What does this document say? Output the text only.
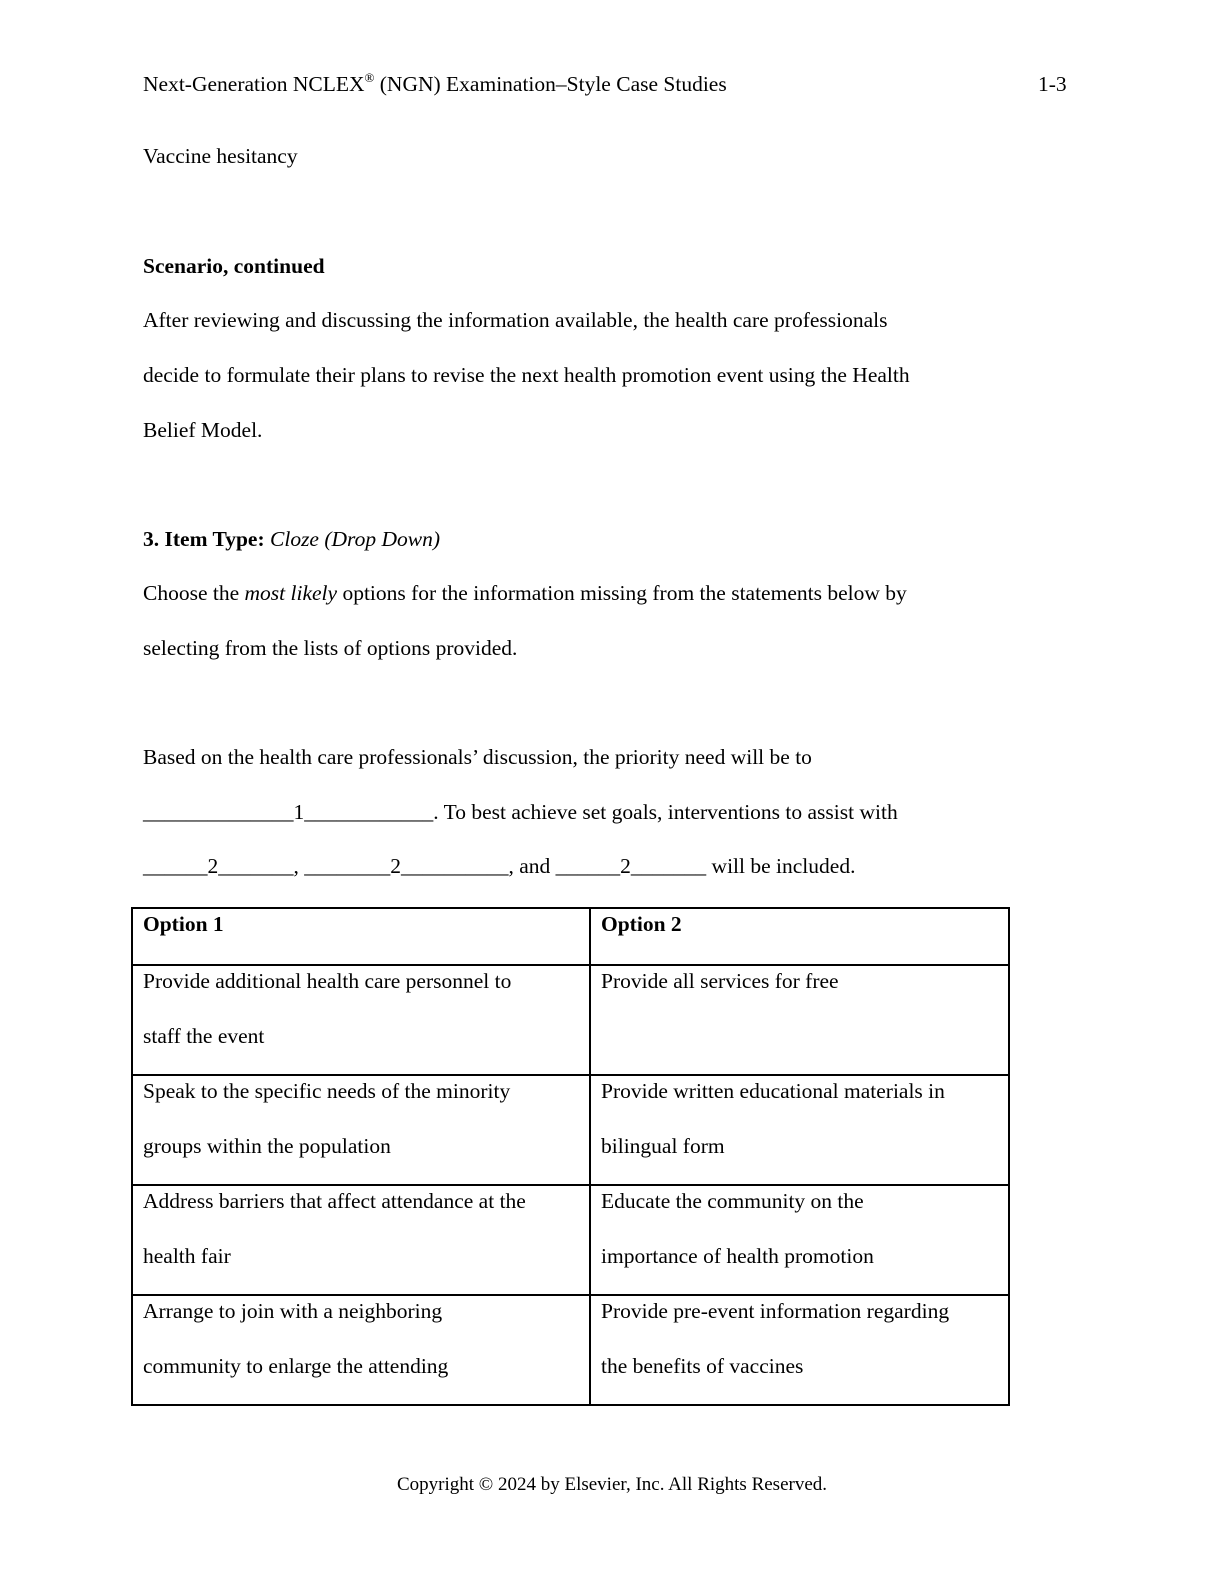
Next-Generation NCLEX® (NGN) Examination–Style Case Studies	1-3
Vaccine hesitancy
Scenario, continued
After reviewing and discussing the information available, the health care professionals
decide to formulate their plans to revise the next health promotion event using the Health
Belief Model.
3. Item Type: Cloze (Drop Down)
Choose the most likely options for the information missing from the statements below by
selecting from the lists of options provided.
Based on the health care professionals’ discussion, the priority need will be to
______________1____________. To best achieve set goals, interventions to assist with
______2_______, ________2__________, and ______2_______ will be included.
Option 1	Option 2

Provide additional health care personnel to
staff the event	Provide all services for free

Speak to the specific needs of the minority
groups within the population	Provide written educational materials in
bilingual form

Address barriers that affect attendance at the
health fair	Educate the community on the
importance of health promotion

Arrange to join with a neighboring
community to enlarge the attending	Provide pre-event information regarding
the benefits of vaccines
Copyright © 2024 by Elsevier, Inc. All Rights Reserved.
